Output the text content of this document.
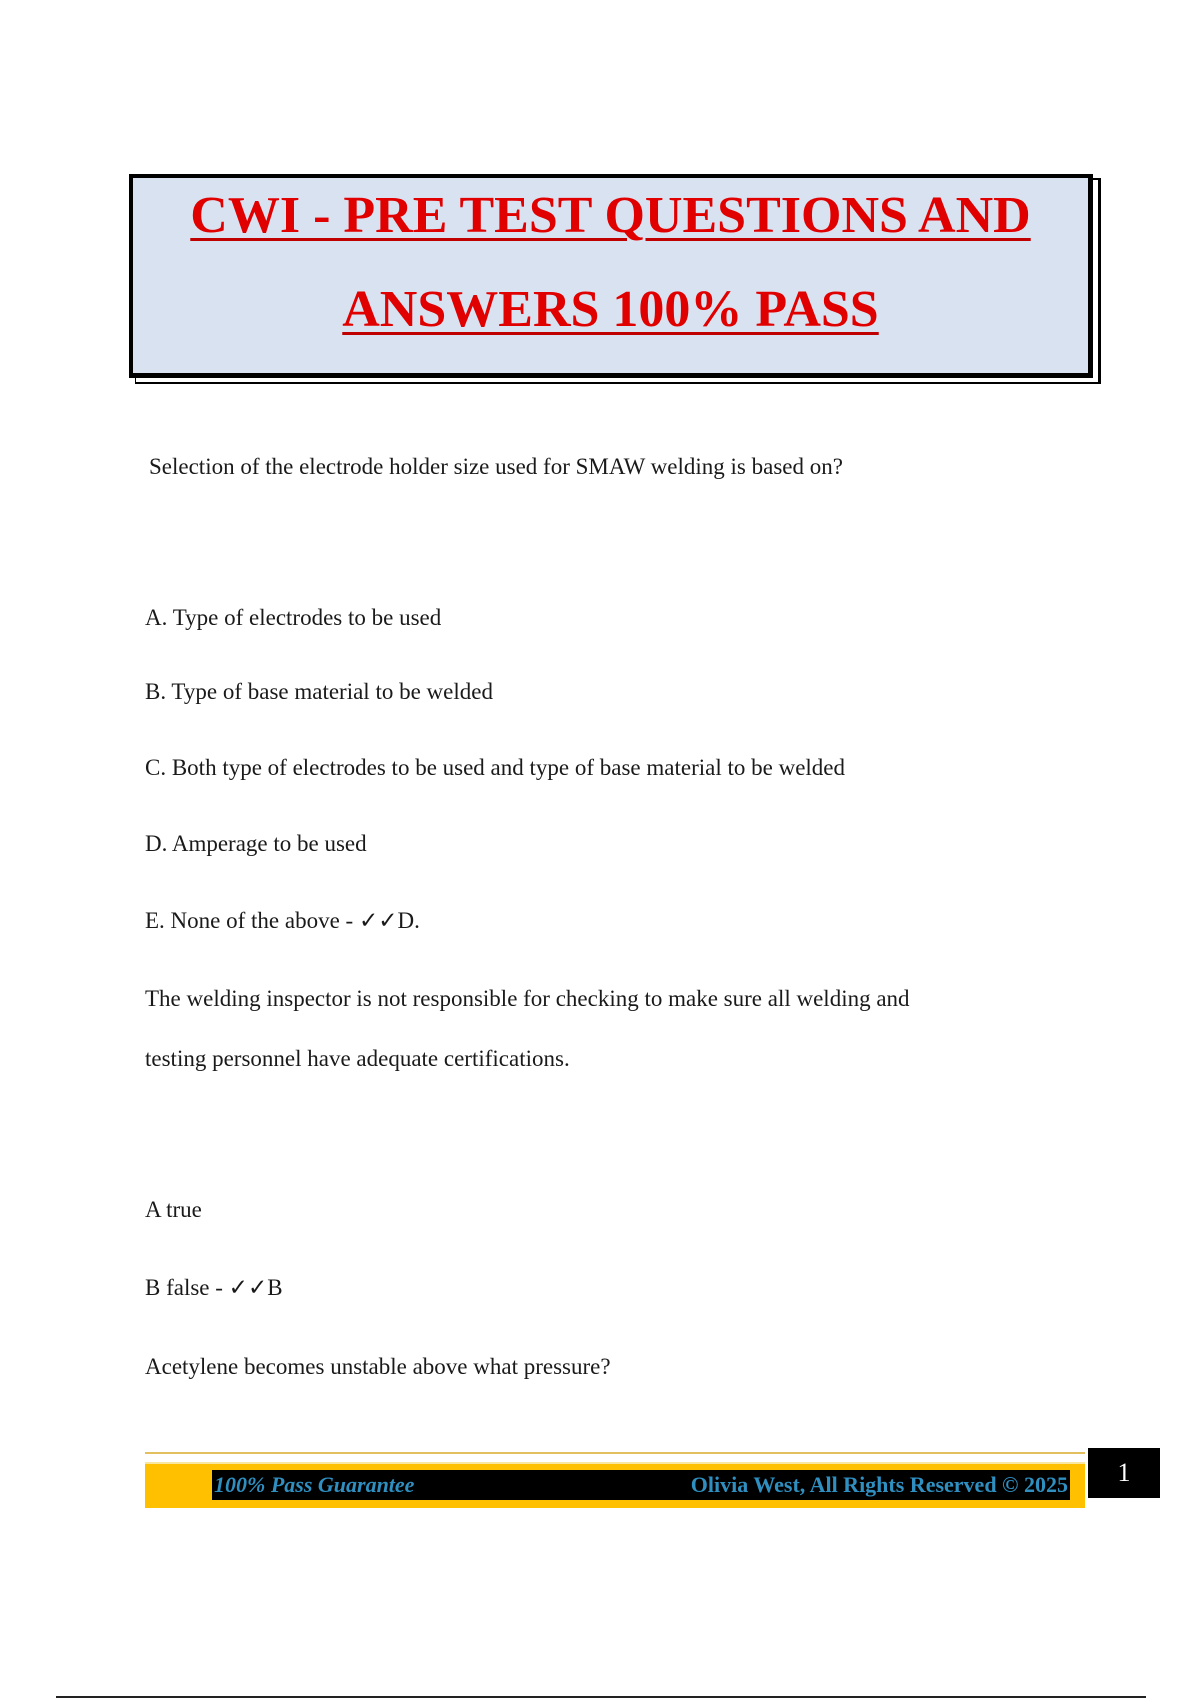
CWI - PRE TEST QUESTIONS AND
ANSWERS 100% PASS
Selection of the electrode holder size used for SMAW welding is based on?
A. Type of electrodes to be used
B. Type of base material to be welded
C. Both type of electrodes to be used and type of base material to be welded
D. Amperage to be used
E. None of the above - ✓✓D.
The welding inspector is not responsible for checking to make sure all welding and
testing personnel have adequate certifications.
A true
B false - ✓✓B
Acetylene becomes unstable above what pressure?
100% Pass Guarantee	Olivia West, All Rights Reserved © 2025	1
